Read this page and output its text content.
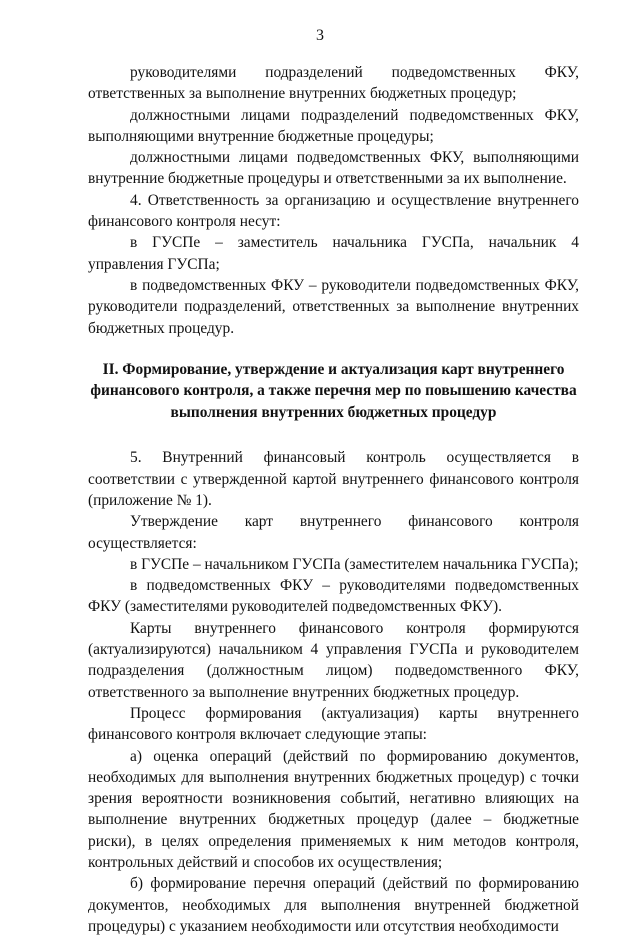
3

руководителями подразделений подведомственных ФКУ, ответственных за выполнение внутренних бюджетных процедур;

должностными лицами подразделений подведомственных ФКУ, выполняющими внутренние бюджетные процедуры;

должностными лицами подведомственных ФКУ, выполняющими внутренние бюджетные процедуры и ответственными за их выполнение.

4. Ответственность за организацию и осуществление внутреннего финансового контроля несут:

в ГУСПе – заместитель начальника ГУСПа, начальник 4 управления ГУСПа;

в подведомственных ФКУ – руководители подведомственных ФКУ, руководители подразделений, ответственных за выполнение внутренних бюджетных процедур.

II. Формирование, утверждение и актуализация карт внутреннего финансового контроля, а также перечня мер по повышению качества выполнения внутренних бюджетных процедур

5. Внутренний финансовый контроль осуществляется в соответствии с утвержденной картой внутреннего финансового контроля (приложение № 1).

Утверждение карт внутреннего финансового контроля осуществляется:

в ГУСПе – начальником ГУСПа (заместителем начальника ГУСПа);

в подведомственных ФКУ – руководителями подведомственных ФКУ (заместителями руководителей подведомственных ФКУ).

Карты внутреннего финансового контроля формируются (актуализируются) начальником 4 управления ГУСПа и руководителем подразделения (должностным лицом) подведомственного ФКУ, ответственного за выполнение внутренних бюджетных процедур.

Процесс формирования (актуализация) карты внутреннего финансового контроля включает следующие этапы:

а) оценка операций (действий по формированию документов, необходимых для выполнения внутренних бюджетных процедур) с точки зрения вероятности возникновения событий, негативно влияющих на выполнение внутренних бюджетных процедур (далее – бюджетные риски), в целях определения применяемых к ним методов контроля, контрольных действий и способов их осуществления;

б) формирование перечня операций (действий по формированию документов, необходимых для выполнения внутренней бюджетной процедуры) с указанием необходимости или отсутствия необходимости
